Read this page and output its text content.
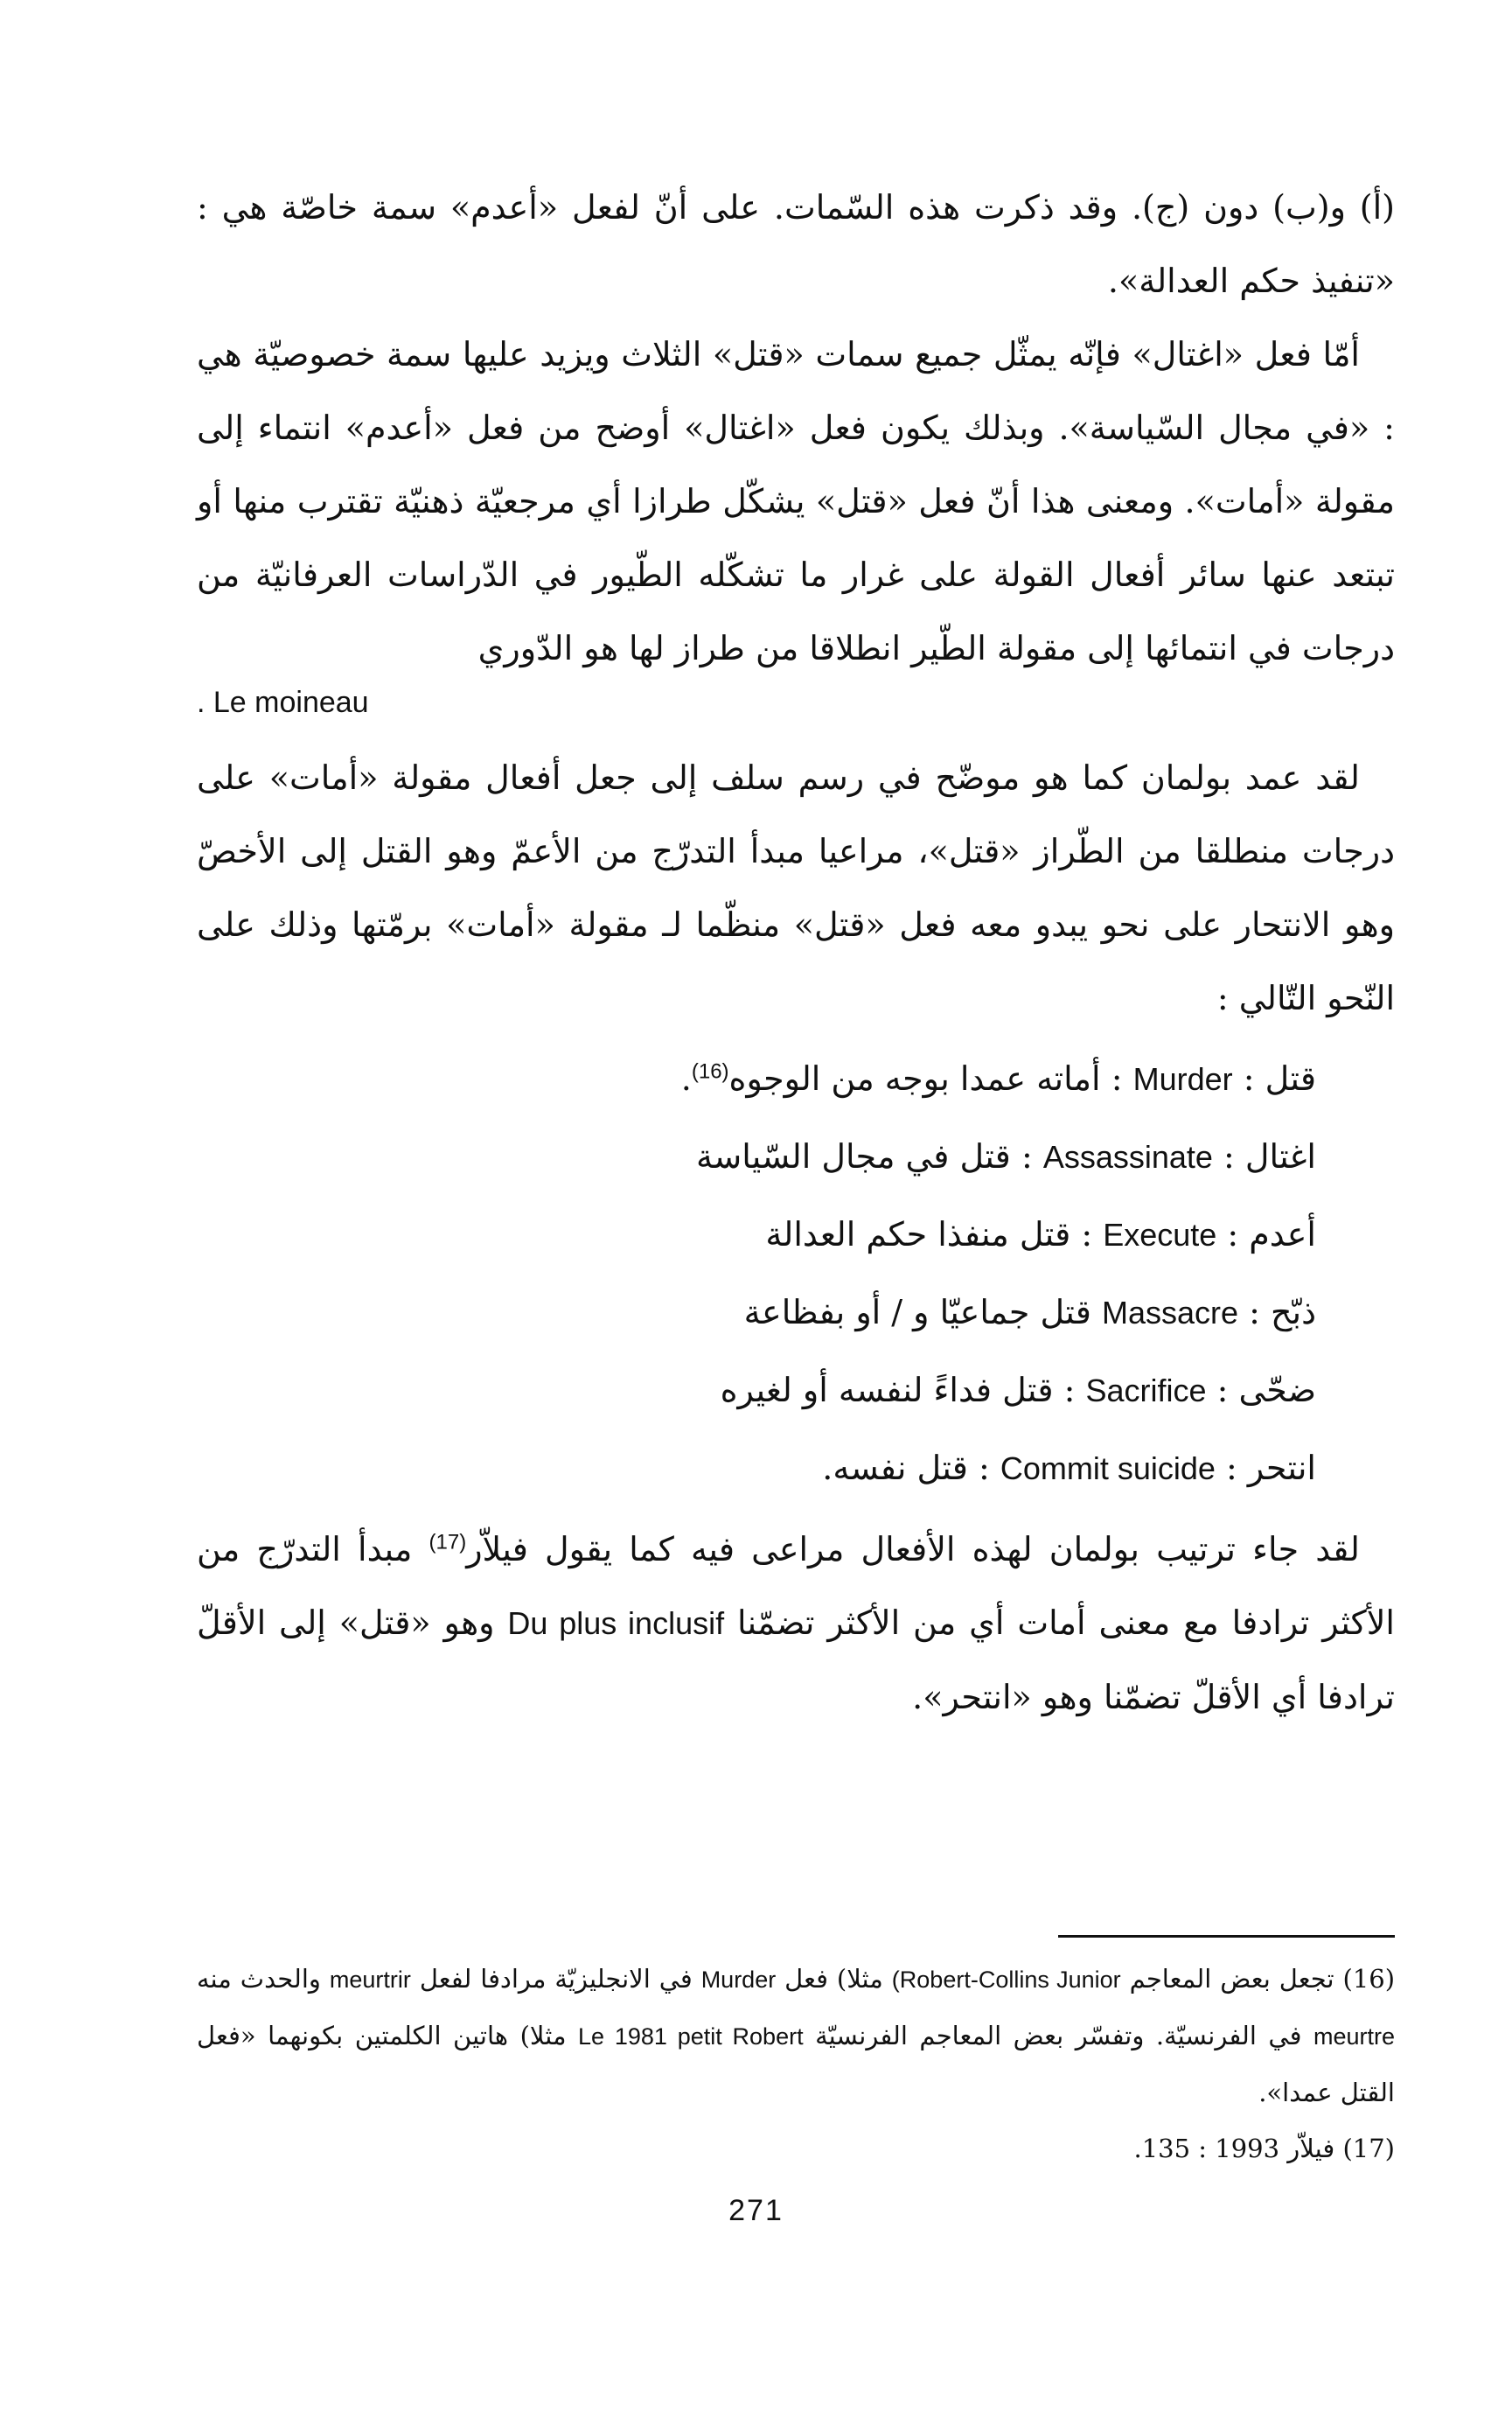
(أ) و(ب) دون (ج). وقد ذكرت هذه السّمات. على أنّ لفعل «أعدم» سمة خاصّة هي : «تنفيذ حكم العدالة».

أمّا فعل «اغتال» فإنّه يمثّل جميع سمات «قتل» الثلاث ويزيد عليها سمة خصوصيّة هي : «في مجال السّياسة». وبذلك يكون فعل «اغتال» أوضح من فعل «أعدم» انتماء إلى مقولة «أمات». ومعنى هذا أنّ فعل «قتل» يشكّل طرازا أي مرجعيّة ذهنيّة تقترب منها أو تبتعد عنها سائر أفعال القولة على غرار ما تشكّله الطّيور في الدّراسات العرفانيّة من درجات في انتمائها إلى مقولة الطّير انطلاقا من طراز لها هو الدّوري

. Le moineau

لقد عمد بولمان كما هو موضّح في رسم سلف إلى جعل أفعال مقولة «أمات» على درجات منطلقا من الطّراز «قتل»، مراعيا مبدأ التدرّج من الأعمّ وهو القتل إلى الأخصّ وهو الانتحار على نحو يبدو معه فعل «قتل» منظّما لـ مقولة «أمات» برمّتها وذلك على النّحو التّالي :

قتل : Murder : أماته عمدا بوجه من الوجوه$^{(16)}$.
اغتال : Assassinate : قتل في مجال السّياسة
أعدم : Execute : قتل منفذا حكم العدالة
ذبّح : Massacre قتل جماعيّا و / أو بفظاعة
ضحّى : Sacrifice : قتل فداءً لنفسه أو لغيره
انتحر : Commit suicide : قتل نفسه.

لقد جاء ترتيب بولمان لهذه الأفعال مراعى فيه كما يقول فيلاّر$^{(17)}$ مبدأ التدرّج من الأكثر ترادفا مع معنى أمات أي من الأكثر تضمّنا Du plus inclusif وهو «قتل» إلى الأقلّ ترادفا أي الأقلّ تضمّنا وهو «انتحر».

(16) تجعل بعض المعاجم (Robert-Collins Junior مثلا) فعل Murder في الانجليزيّة مرادفا لفعل meurtrir والحدث منه meurtre في الفرنسيّة. وتفسّر بعض المعاجم الفرنسيّة Le 1981 petit Robert مثلا) هاتين الكلمتين بكونهما «فعل القتل عمدا».

(17) فيلاّر 1993 : 135.

271
